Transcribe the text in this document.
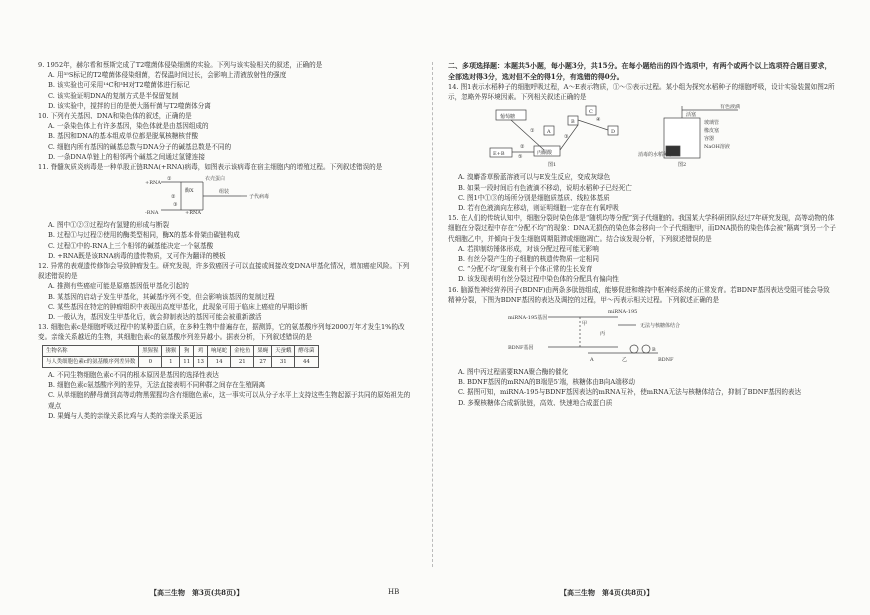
9. 1952年，赫尔希和蔡斯完成了T2噬菌体侵染细菌的实验。下列与该实验相关的叙述，正确的是

A. 用³⁵S标记的T2噬菌体侵染细菌，若保温时间过长，会影响上清液放射性的强度
B. 该实验也可采用¹⁴C和³H对T2噬菌体进行标记
C. 该实验证明DNA的复制方式是半保留复制
D. 该实验中，搅拌的目的是使大肠杆菌与T2噬菌体分离

10. 下列有关基因、DNA和染色体的叙述，正确的是

A. 一条染色体上有许多基因，染色体就是由基因组成的
B. 基因和DNA的基本组成单位都是脱氧核糖核苷酸
C. 细胞内所有基因的碱基总数与DNA分子的碱基总数是不同的
D. 一条DNA单链上的相邻两个碱基之间通过氢键连接

11. 脊髓灰质炎病毒是一种单股正链RNA(+RNA)病毒，如图表示该病毒在宿主细胞内的增殖过程。下列叙述错误的是

+RNA
①
-RNA
②
+RNA
③
衣壳蛋白
酶X	组装
子代病毒
A. 图中①②③过程均有氢键的形成与断裂
B. 过程①与过程②使用的酶类型相同，酶X的基本骨架由碳链构成
C. 过程①中的-RNA上三个相邻的碱基能决定一个氨基酸
D. +RNA既是该RNA病毒的遗传物质，又可作为翻译的模板

12. 异常的表观遗传修饰会导致肿瘤发生。研究发现，许多致癌因子可以直接或间接改变DNA甲基化情况，增加癌症风险。下列叙述错误的是

A. 推测有些癌症可能是原癌基因低甲基化引起的
B. 某基因的启动子发生甲基化，其碱基序列不变，但会影响该基因的复制过程
C. 某些基因在特定的肿瘤组织中表现出高度甲基化，此现象可用于临床上癌症的早期诊断
D. 一般认为，基因发生甲基化后，就会抑制表达的基因可能会被重新激活

13. 细胞色素c是细胞呼吸过程中的某种蛋白质，在多种生物中普遍存在，据测算，它的氨基酸序列每2000万年才发生1%的改变。亲缘关系越近的生物，其细胞色素c的氨基酸序列差异越小。据表分析，下列叙述错误的是

生物名称	黑猩猩	猕猴	狗	鸡	响尾蛇	金枪鱼	果蝇	天蚕蛾	酵母菌
与人类细胞色素c的氨基酸序列差异数	0	1	11	13	14	21	27	31	44
A. 不同生物细胞色素c不同的根本原因是基因的选择性表达
B. 细胞色素c氨基酸序列的差异，无法直接表明不同种群之间存在生殖隔离
C. 从单细胞的酵母菌到高等动物黑猩猩均含有细胞色素c，这一事实可以从分子水平上支持这些生物起源于共同的原始祖先的观点
D. 果蝇与人类的亲缘关系比鸡与人类的亲缘关系更远
二、多项选择题：本题共5小题，每小题3分，共15分。在每小题给出的四个选项中，有两个或两个以上选项符合题目要求，全部选对得3分，选对但不全的得1分，有选错的得0分。

14. 图1表示水稻种子的细胞呼吸过程，A～E表示物质，①～⑤表示过程。某小组为探究水稻种子的细胞呼吸，设计实验装置如图2所示，忽略外界环境因素。下列相关叙述正确的是

葡萄糖
A
B
C
D
E+B	丙酮酸
①
②
③
④
⑤
图1
有色液滴
活塞
玻璃管
橡皮塞
容器
NaOH溶液
消毒的水稻种子
图2
A. 溴麝香草酚蓝溶液可以与E发生反应，变成灰绿色
B. 如果一段时间后有色液滴不移动，说明水稻种子已经死亡
C. 图1中①③的场所分别是细胞质基质、线粒体基质
D. 若有色液滴向左移动，则证明细胞一定存在有氧呼吸

15. 在人们的传统认知中，细胞分裂时染色体是“随机均等分配”到子代细胞的。我国某大学科研团队经过7年研究发现，高等动物的体细胞在分裂过程中存在“分配不均”的现象：DNA无损伤的染色体会移向一个子代细胞甲，而DNA损伤的染色体会被“隔离”到另一个子代细胞乙中，并倾向于发生细胞周期阻滞或细胞凋亡。结合该发现分析，下列叙述错误的是

A. 若抑制纺锤体形成，对该分配过程可能无影响
B. 有丝分裂产生的子细胞的核遗传物质一定相同
C. “分配不均”现象有利于个体正常的生长发育
D. 该发现表明有丝分裂过程中染色体的分配具有偏向性

16. 脑源性神经营养因子(BDNF)由两条多肽链组成，能够促进和维持中枢神经系统的正常发育。若BDNF基因表达受阻可能会导致精神分裂，下图为BDNF基因的表达及调控的过程，甲～丙表示相关过程。下列叙述正确的是

miRNA-195基因
甲
miRNA-195
丙
无法与核糖体结合
BDNF基因
乙	BDNF
A
B
A. 图中丙过程需要RNA聚合酶的催化
B. BDNF基因的mRNA的B端是5′端，核糖体由B向A端移动
C. 据图可知，miRNA-195与BDNF基因表达的mRNA互补，使mRNA无法与核糖体结合，抑制了BDNF基因的表达
D. 多聚核糖体合成新肽链，高效、快速地合成蛋白质
【高三生物　第3页(共8页)】	HB	【高三生物　第4页(共8页)】
